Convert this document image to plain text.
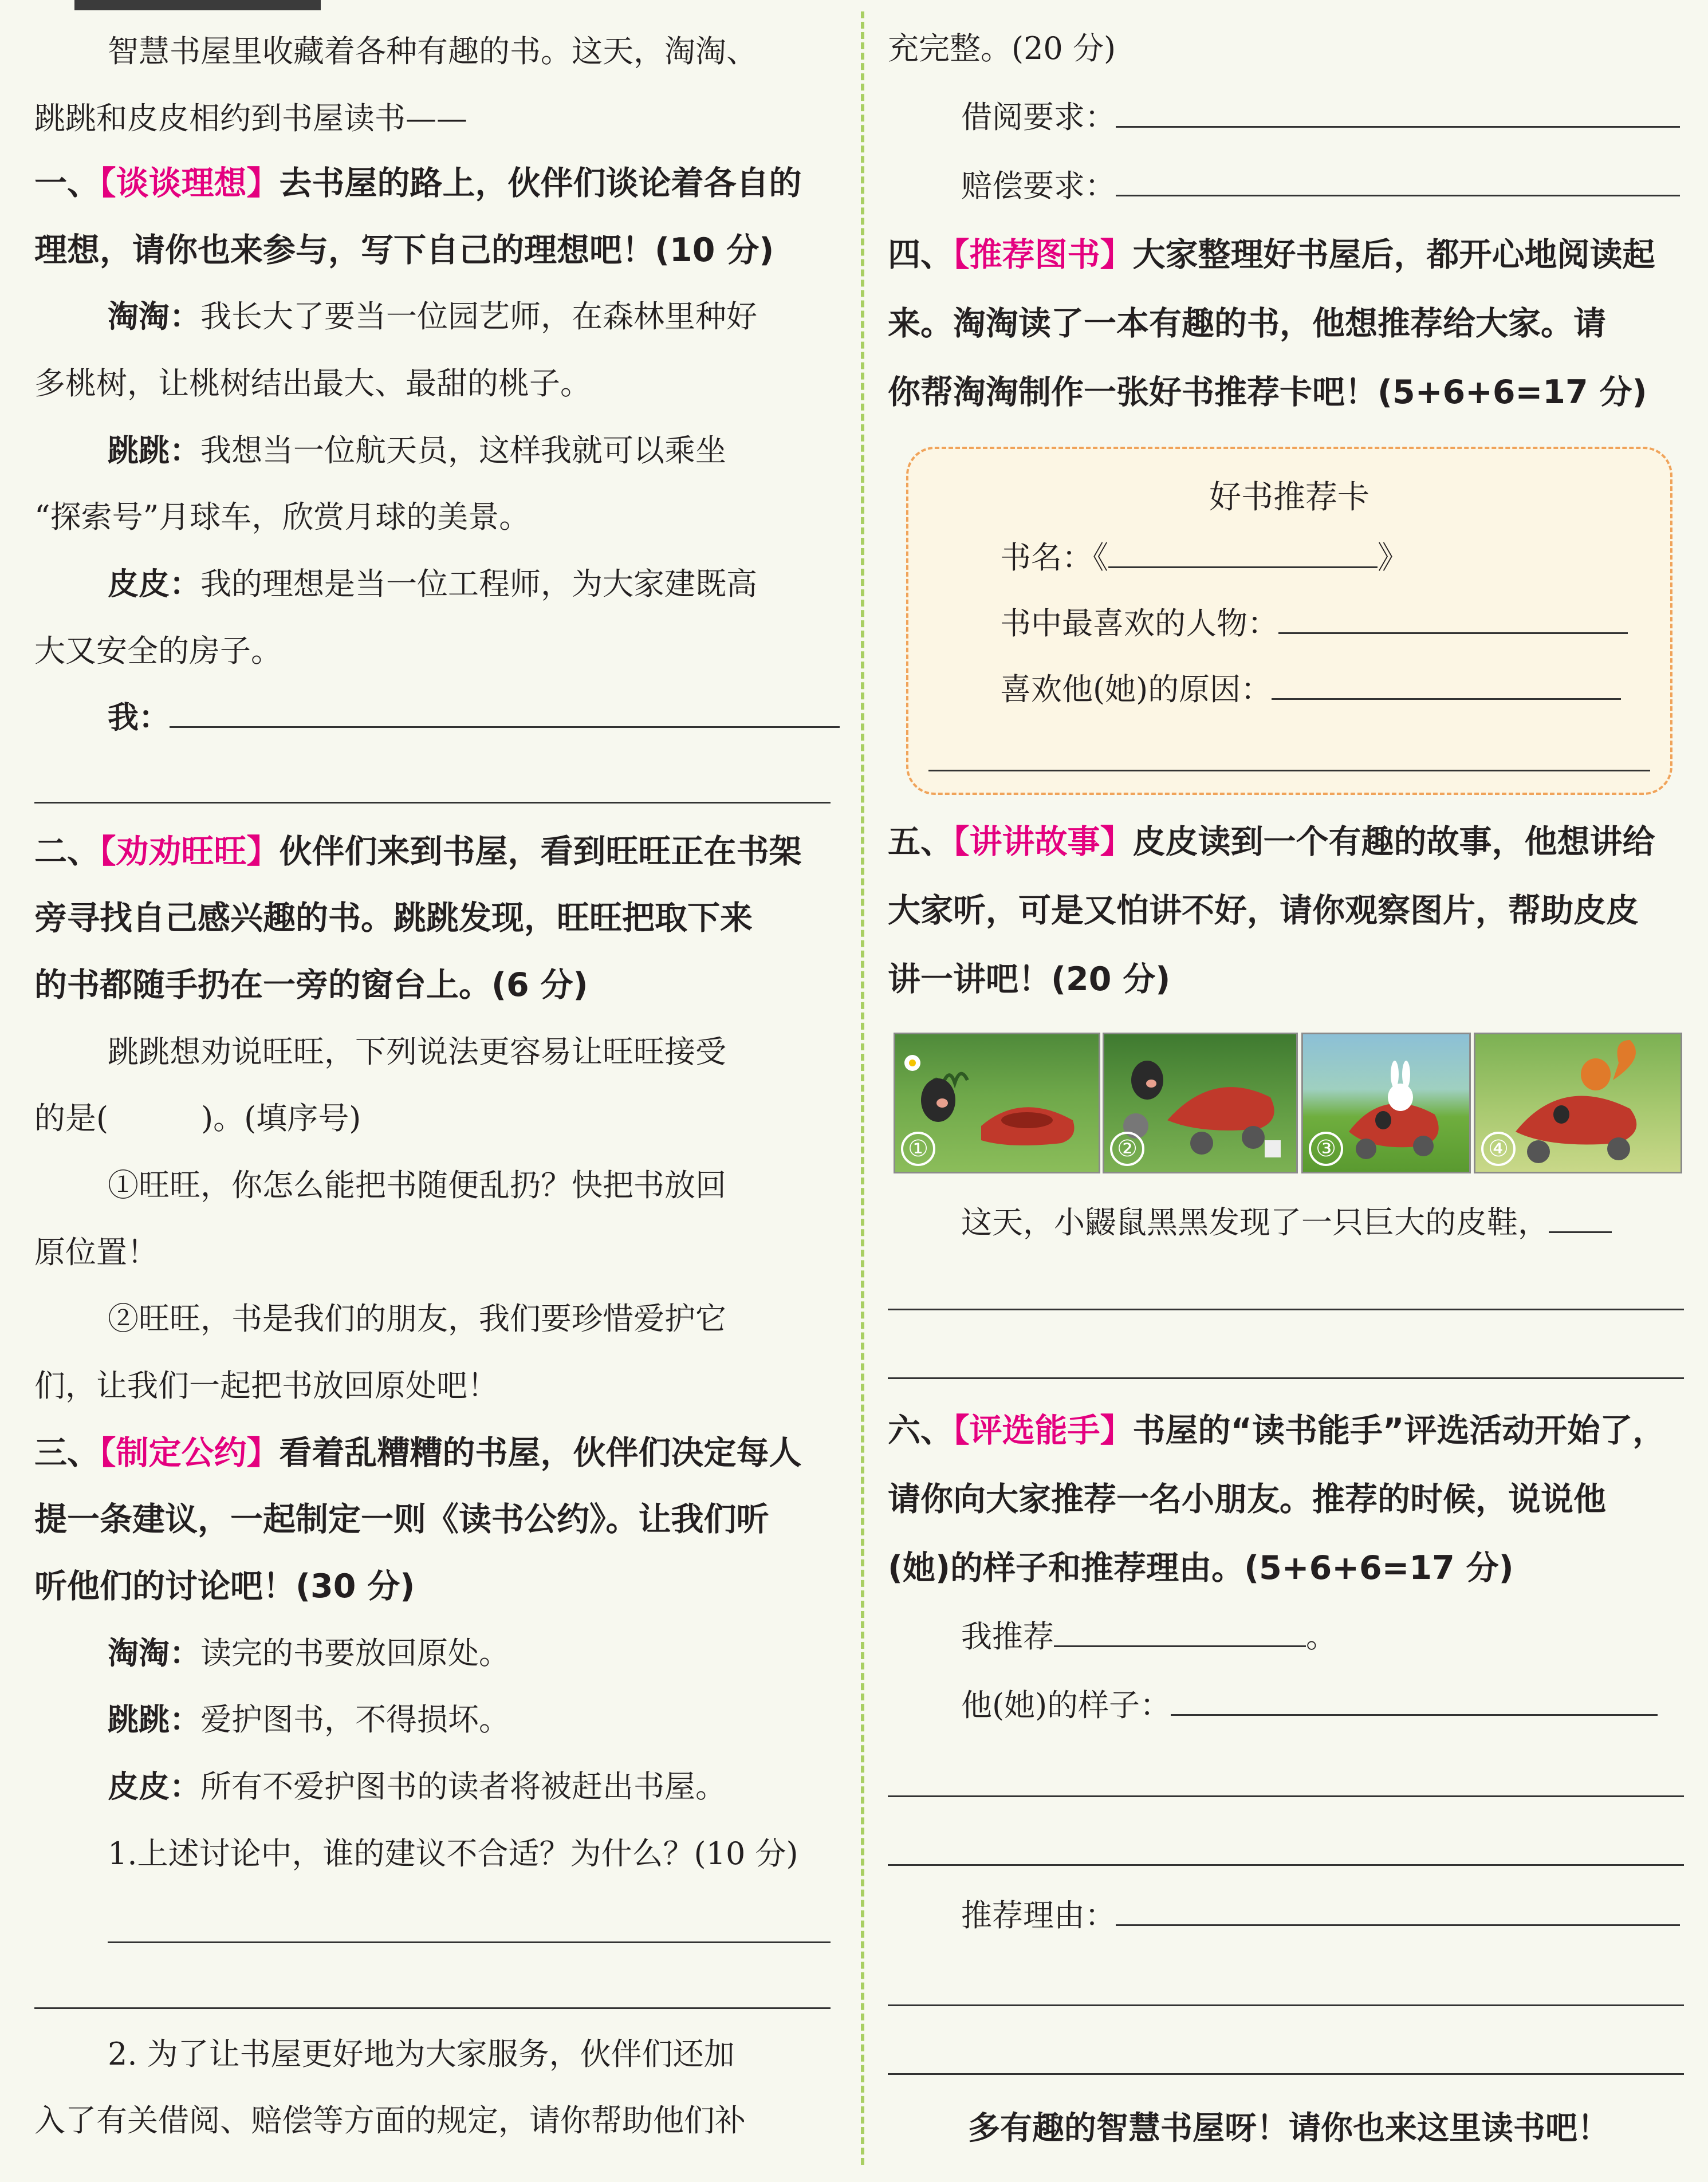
智慧书屋里收藏着各种有趣的书。这天，淘淘、
跳跳和皮皮相约到书屋读书——
一、【谈谈理想】去书屋的路上，伙伴们谈论着各自的
理想，请你也来参与，写下自己的理想吧！(10 分)
淘淘：我长大了要当一位园艺师，在森林里种好
多桃树，让桃树结出最大、最甜的桃子。
跳跳：我想当一位航天员，这样我就可以乘坐
“探索号”月球车，欣赏月球的美景。
皮皮：我的理想是当一位工程师，为大家建既高
大又安全的房子。
我：
二、【劝劝旺旺】伙伴们来到书屋，看到旺旺正在书架
旁寻找自己感兴趣的书。跳跳发现，旺旺把取下来
的书都随手扔在一旁的窗台上。(6 分)
跳跳想劝说旺旺，下列说法更容易让旺旺接受
的是(　　　)。(填序号)
①旺旺，你怎么能把书随便乱扔？快把书放回
原位置！
②旺旺，书是我们的朋友，我们要珍惜爱护它
们，让我们一起把书放回原处吧！
三、【制定公约】看着乱糟糟的书屋，伙伴们决定每人
提一条建议，一起制定一则《读书公约》。让我们听
听他们的讨论吧！(30 分)
淘淘：读完的书要放回原处。
跳跳：爱护图书，不得损坏。
皮皮：所有不爱护图书的读者将被赶出书屋。
1.上述讨论中，谁的建议不合适？为什么？(10 分)
2. 为了让书屋更好地为大家服务，伙伴们还加
入了有关借阅、赔偿等方面的规定，请你帮助他们补
充完整。(20 分)
借阅要求：
赔偿要求：
四、【推荐图书】大家整理好书屋后，都开心地阅读起
来。淘淘读了一本有趣的书，他想推荐给大家。请
你帮淘淘制作一张好书推荐卡吧！(5+6+6=17 分)
好书推荐卡
书名：《	》
书中最喜欢的人物：
喜欢他(她)的原因：
五、【讲讲故事】皮皮读到一个有趣的故事，他想讲给
大家听，可是又怕讲不好，请你观察图片，帮助皮皮
讲一讲吧！(20 分)
①	②	③	④
这天，小鼹鼠黑黑发现了一只巨大的皮鞋，
六、【评选能手】书屋的“读书能手”评选活动开始了，
请你向大家推荐一名小朋友。推荐的时候，说说他
(她)的样子和推荐理由。(5+6+6=17 分)
我推荐	。
他(她)的样子：
推荐理由：
多有趣的智慧书屋呀！请你也来这里读书吧！
